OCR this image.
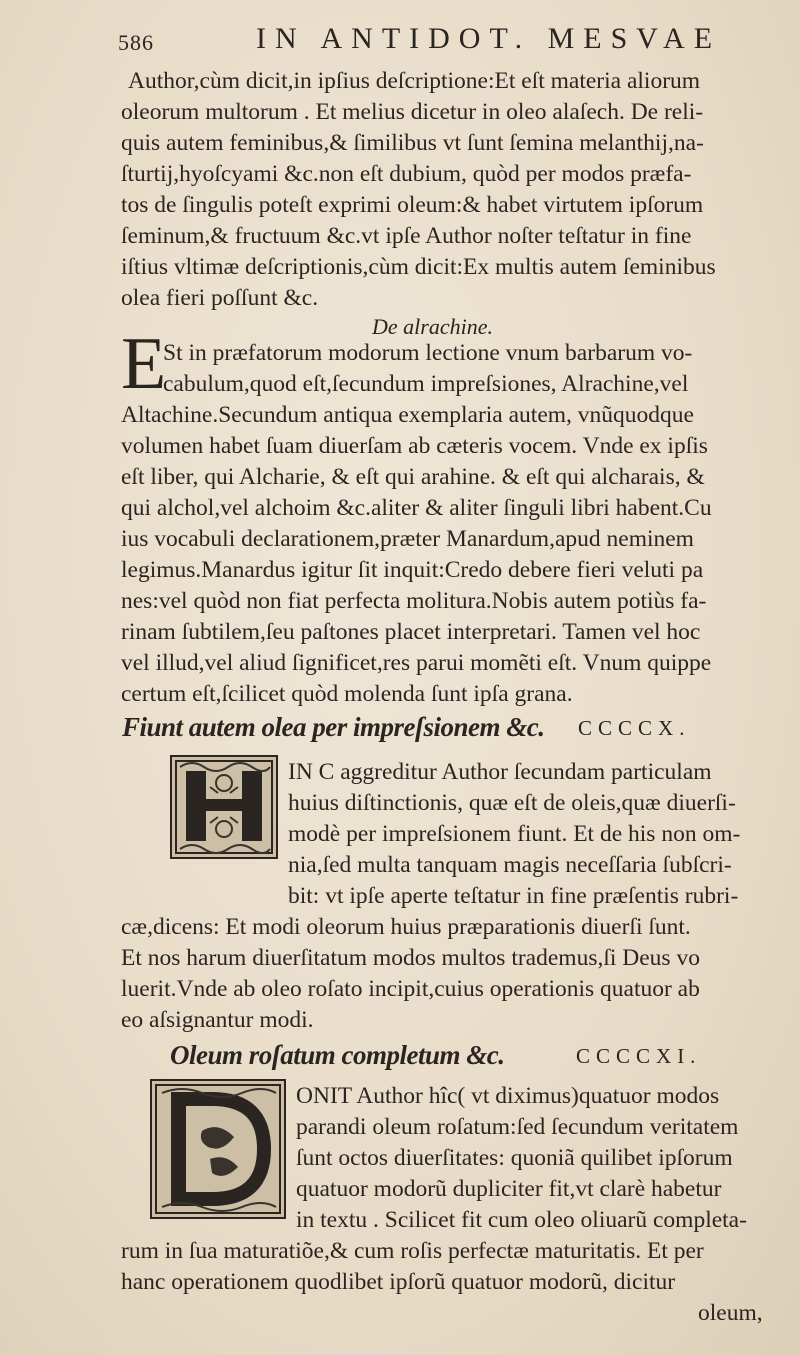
586	IN ANTIDOT. MESVAE
Author,cùm dicit,in ipſius deſcriptione:Et eſt materia aliorum
oleorum multorum . Et melius dicetur in oleo alaſech. De reli-
quis autem feminibus,& ſimilibus vt ſunt ſemina melanthij,na-
ſturtij,hyoſcyami &c.non eſt dubium, quòd per modos præfa-
tos de ſingulis poteſt exprimi oleum:& habet virtutem ipſorum
ſeminum,& fructuum &c.vt ipſe Author noſter teſtatur in fine
iſtius vltimæ deſcriptionis,cùm dicit:Ex multis autem ſeminibus
olea fieri poſſunt &c.
De alrachine.
E
St in præfatorum modorum lectione vnum barbarum vo-
cabulum,quod eſt,ſecundum impreſsiones, Alrachine,vel
Altachine.Secundum antiqua exemplaria autem, vnũquodque
volumen habet ſuam diuerſam ab cæteris vocem. Vnde ex ipſis
eſt liber, qui Alcharie, & eſt qui arahine. & eſt qui alcharais, &
qui alchol,vel alchoim &c.aliter & aliter ſinguli libri habent.Cu
ius vocabuli declarationem,præter Manardum,apud neminem
legimus.Manardus igitur ſit inquit:Credo debere fieri veluti pa
nes:vel quòd non fiat perfecta molitura.Nobis autem potiùs fa-
rinam ſubtilem,ſeu paſtones placet interpretari. Tamen vel hoc
vel illud,vel aliud ſignificet,res parui momẽti eſt. Vnum quippe
certum eſt,ſcilicet quòd molenda ſunt ipſa grana.
Fiunt autem olea per impreſsionem &c. CCCCX.
IN C aggreditur Author ſecundam particulam
huius diſtinctionis, quæ eſt de oleis,quæ diuerſi-
modè per impreſsionem fiunt. Et de his non om-
nia,ſed multa tanquam magis neceſſaria ſubſcri-
bit: vt ipſe aperte teſtatur in fine præſentis rubri-
cæ,dicens: Et modi oleorum huius præparationis diuerſi ſunt.
Et nos harum diuerſitatum modos multos trademus,ſi Deus vo
luerit.Vnde ab oleo roſato incipit,cuius operationis quatuor ab
eo aſsignantur modi.
Oleum roſatum completum &c.	CCCCXI.
ONIT Author hîc( vt diximus)quatuor modos
parandi oleum roſatum:ſed ſecundum veritatem
ſunt octos diuerſitates: quoniã quilibet ipſorum
quatuor modorũ dupliciter fit,vt clarè habetur
in textu . Scilicet fit cum oleo oliuarũ completa-
rum in ſua maturatiõe,& cum roſis perfectæ maturitatis. Et per
hanc operationem quodlibet ipſorũ quatuor modorũ, dicitur
oleum,
